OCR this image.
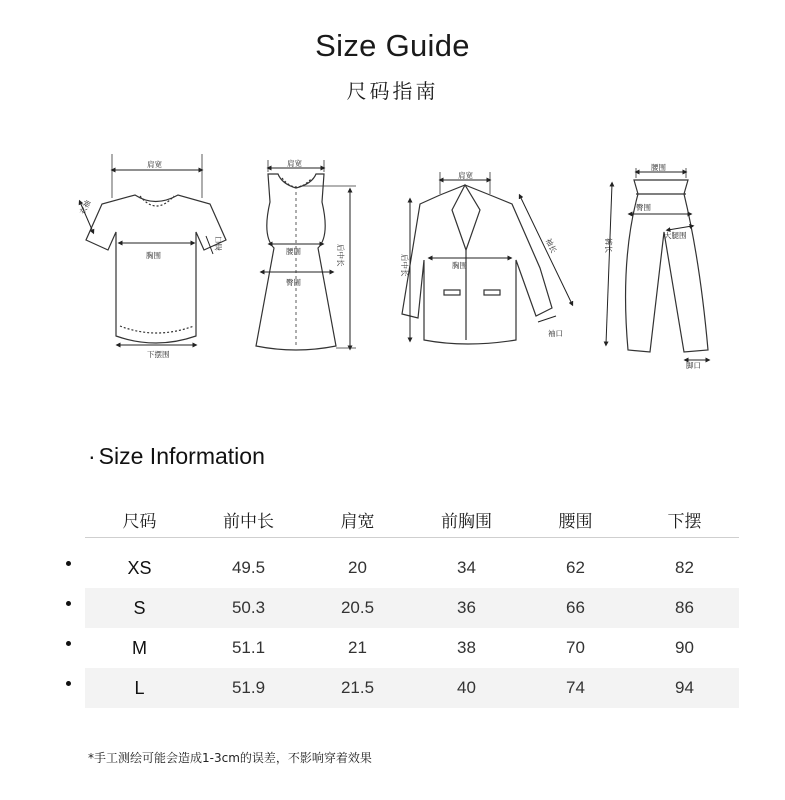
Size Guide
尺码指南
肩宽
衣袖
袖口
胸围
下摆围
肩宽
腰围
臀围
后中长
肩宽
后中长	胸围
袖长
袖口
腰围
裤长
臀围
大腿围
脚口
· Size Information
尺码	前中长	肩宽	前胸围	腰围	下摆
XS	49.5	20	34	62	82
S	50.3	20.5	36	66	86
M	51.1	21	38	70	90
L	51.9	21.5	40	74	94
*手工测绘可能会造成1-3cm的误差，不影响穿着效果
